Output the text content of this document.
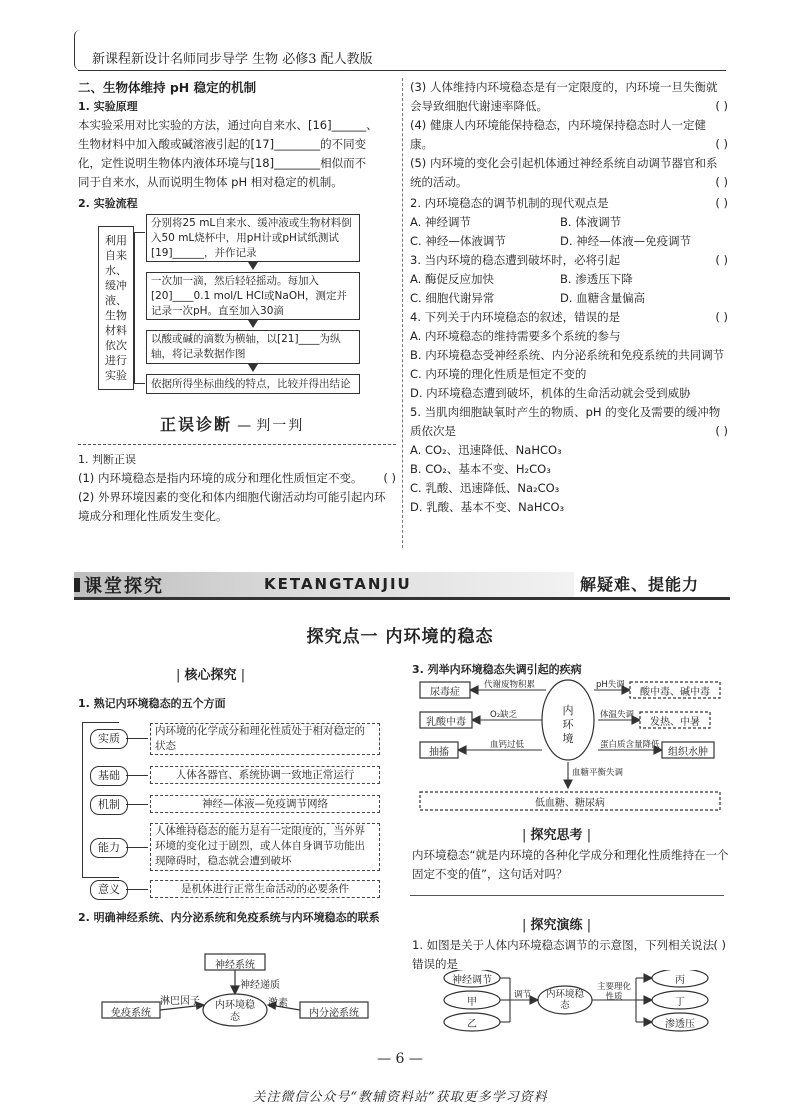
新课程新设计名师同步导学 生物 必修3 配人教版
二、生物体维持 pH 稳定的机制
1. 实验原理
本实验采用对比实验的方法，通过向自来水、[16]______、
生物材料中加入酸或碱溶液引起的[17]________的不同变
化，定性说明生物体内液体环境与[18]________相似而不
同于自来水，从而说明生物体 pH 相对稳定的机制。
2. 实验流程
利用自来水、缓冲液、生物材料依次进行实验
分别将25 mL自来水、缓冲液或生物材料倒入50 mL烧杯中，用pH计或pH试纸测试[19]______，并作记录
一次加一滴，然后轻轻摇动。每加入[20]____0.1 mol/L HCl或NaOH，测定并记录一次pH。直至加入30滴
以酸或碱的滴数为横轴，以[21]____为纵轴，将记录数据作图
依据所得坐标曲线的特点，比较并得出结论
正误诊断 — 判一判
1. 判断正误
(1) 内环境稳态是指内环境的成分和理化性质恒定不变。	( )
(2) 外界环境因素的变化和体内细胞代谢活动均可能引起内环境成分和理化性质发生变化。
(3) 人体维持内环境稳态是有一定限度的，内环境一旦失衡就会导致细胞代谢速率降低。	( )
(4) 健康人内环境能保持稳态，内环境保持稳态时人一定健康。	( )
(5) 内环境的变化会引起机体通过神经系统自动调节器官和系统的活动。	( )
2. 内环境稳态的调节机制的现代观点是	( )
A. 神经调节	B. 体液调节
C. 神经—体液调节	D. 神经—体液—免疫调节
3. 当内环境的稳态遭到破坏时，必将引起	( )
A. 酶促反应加快	B. 渗透压下降
C. 细胞代谢异常	D. 血糖含量偏高
4. 下列关于内环境稳态的叙述，错误的是	( )
A. 内环境稳态的维持需要多个系统的参与
B. 内环境稳态受神经系统、内分泌系统和免疫系统的共同调节
C. 内环境的理化性质是恒定不变的
D. 内环境稳态遭到破坏，机体的生命活动就会受到威胁
5. 当肌肉细胞缺氧时产生的物质、pH 的变化及需要的缓冲物质依次是	( )
A. CO₂、迅速降低、NaHCO₃
B. CO₂、基本不变、H₂CO₃
C. 乳酸、迅速降低、Na₂CO₃
D. 乳酸、基本不变、NaHCO₃
课堂探究	KETANGTANJIU	解疑难、提能力
探究点一 内环境的稳态
| 核心探究 |
1. 熟记内环境稳态的五个方面
实质
基础
机制
能力
意义
内环境的化学成分和理化性质处于相对稳定的状态
人体各器官、系统协调一致地正常运行
神经—体液—免疫调节网络
人体维持稳态的能力是有一定限度的，当外界环境的变化过于剧烈，或人体自身调节功能出现障碍时，稳态就会遭到破坏
是机体进行正常生命活动的必要条件
2. 明确神经系统、内分泌系统和免疫系统与内环境稳态的联系
神经系统
神经递质
免疫系统
淋巴因子	激素
内分泌系统
内环境稳态
3. 列举内环境稳态失调引起的疾病
内环境
尿毒症
乳酸中毒
抽搐
代谢废物积累
O₂缺乏
血钙过低
pH失调
体温失调
蛋白质含量降低
酸中毒、碱中毒
发热、中暑
组织水肿
血糖平衡失调
低血糖、糖尿病
| 探究思考 |
内环境稳态“就是内环境的各种化学成分和理化性质维持在一个固定不变的值”，这句话对吗？
| 探究演练 |
1. 如图是关于人体内环境稳态调节的示意图，下列相关说法错误的是
( )
神经调节
甲
乙
调节 内环境稳态
主要理化性质
丙
丁
渗透压
— 6 —
关注微信公众号“教辅资料站”获取更多学习资料
